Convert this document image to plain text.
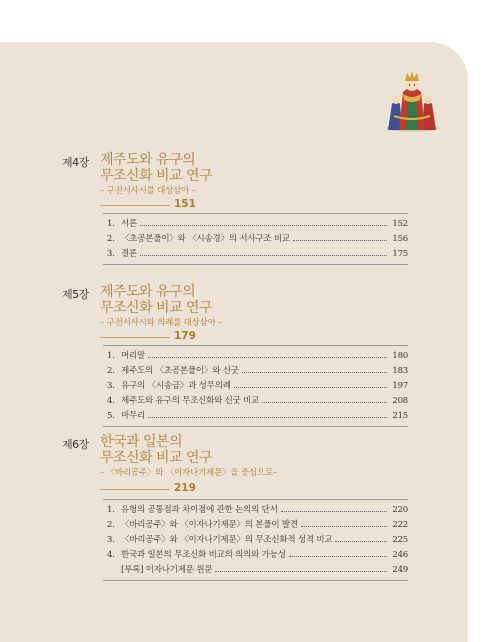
제4장 제주도와 유구의
무조신화 비교 연구
– 구전서사시를 대상삼아 –
151
1. 서론	152
2. 〈초공본풀이〉와 〈시송경〉의 서사구조 비교	156
3. 결론	175
제5장 제주도와 유구의
무조신화 비교 연구
– 구전서사시와 의례를 대상삼아 –
179
1. 머리말	180
2. 제주도의 〈초공본풀이〉와 신굿	183
3. 유구의 〈시송금〉과 성무의례	197
4. 제주도와 유구의 무조신화와 신굿 비교	208
5. 마무리	215
제6장 한국과 일본의
무조신화 비교 연구
– 〈바리공주〉와 〈이자나기제문〉을 중심으로–
219
1. 유형의 공통점과 차이점에 관한 논의의 단서	220
2. 〈바리공주〉와 〈이자나기제문〉의 본풀이 발견	222
3. 〈바리공주〉와 〈이자나기제문〉의 무조신화적 성격 비교	225
4. 한국과 일본의 무조신화 비교의 의의와 가능성	246
[부록] 이자나기제문 원문	249
